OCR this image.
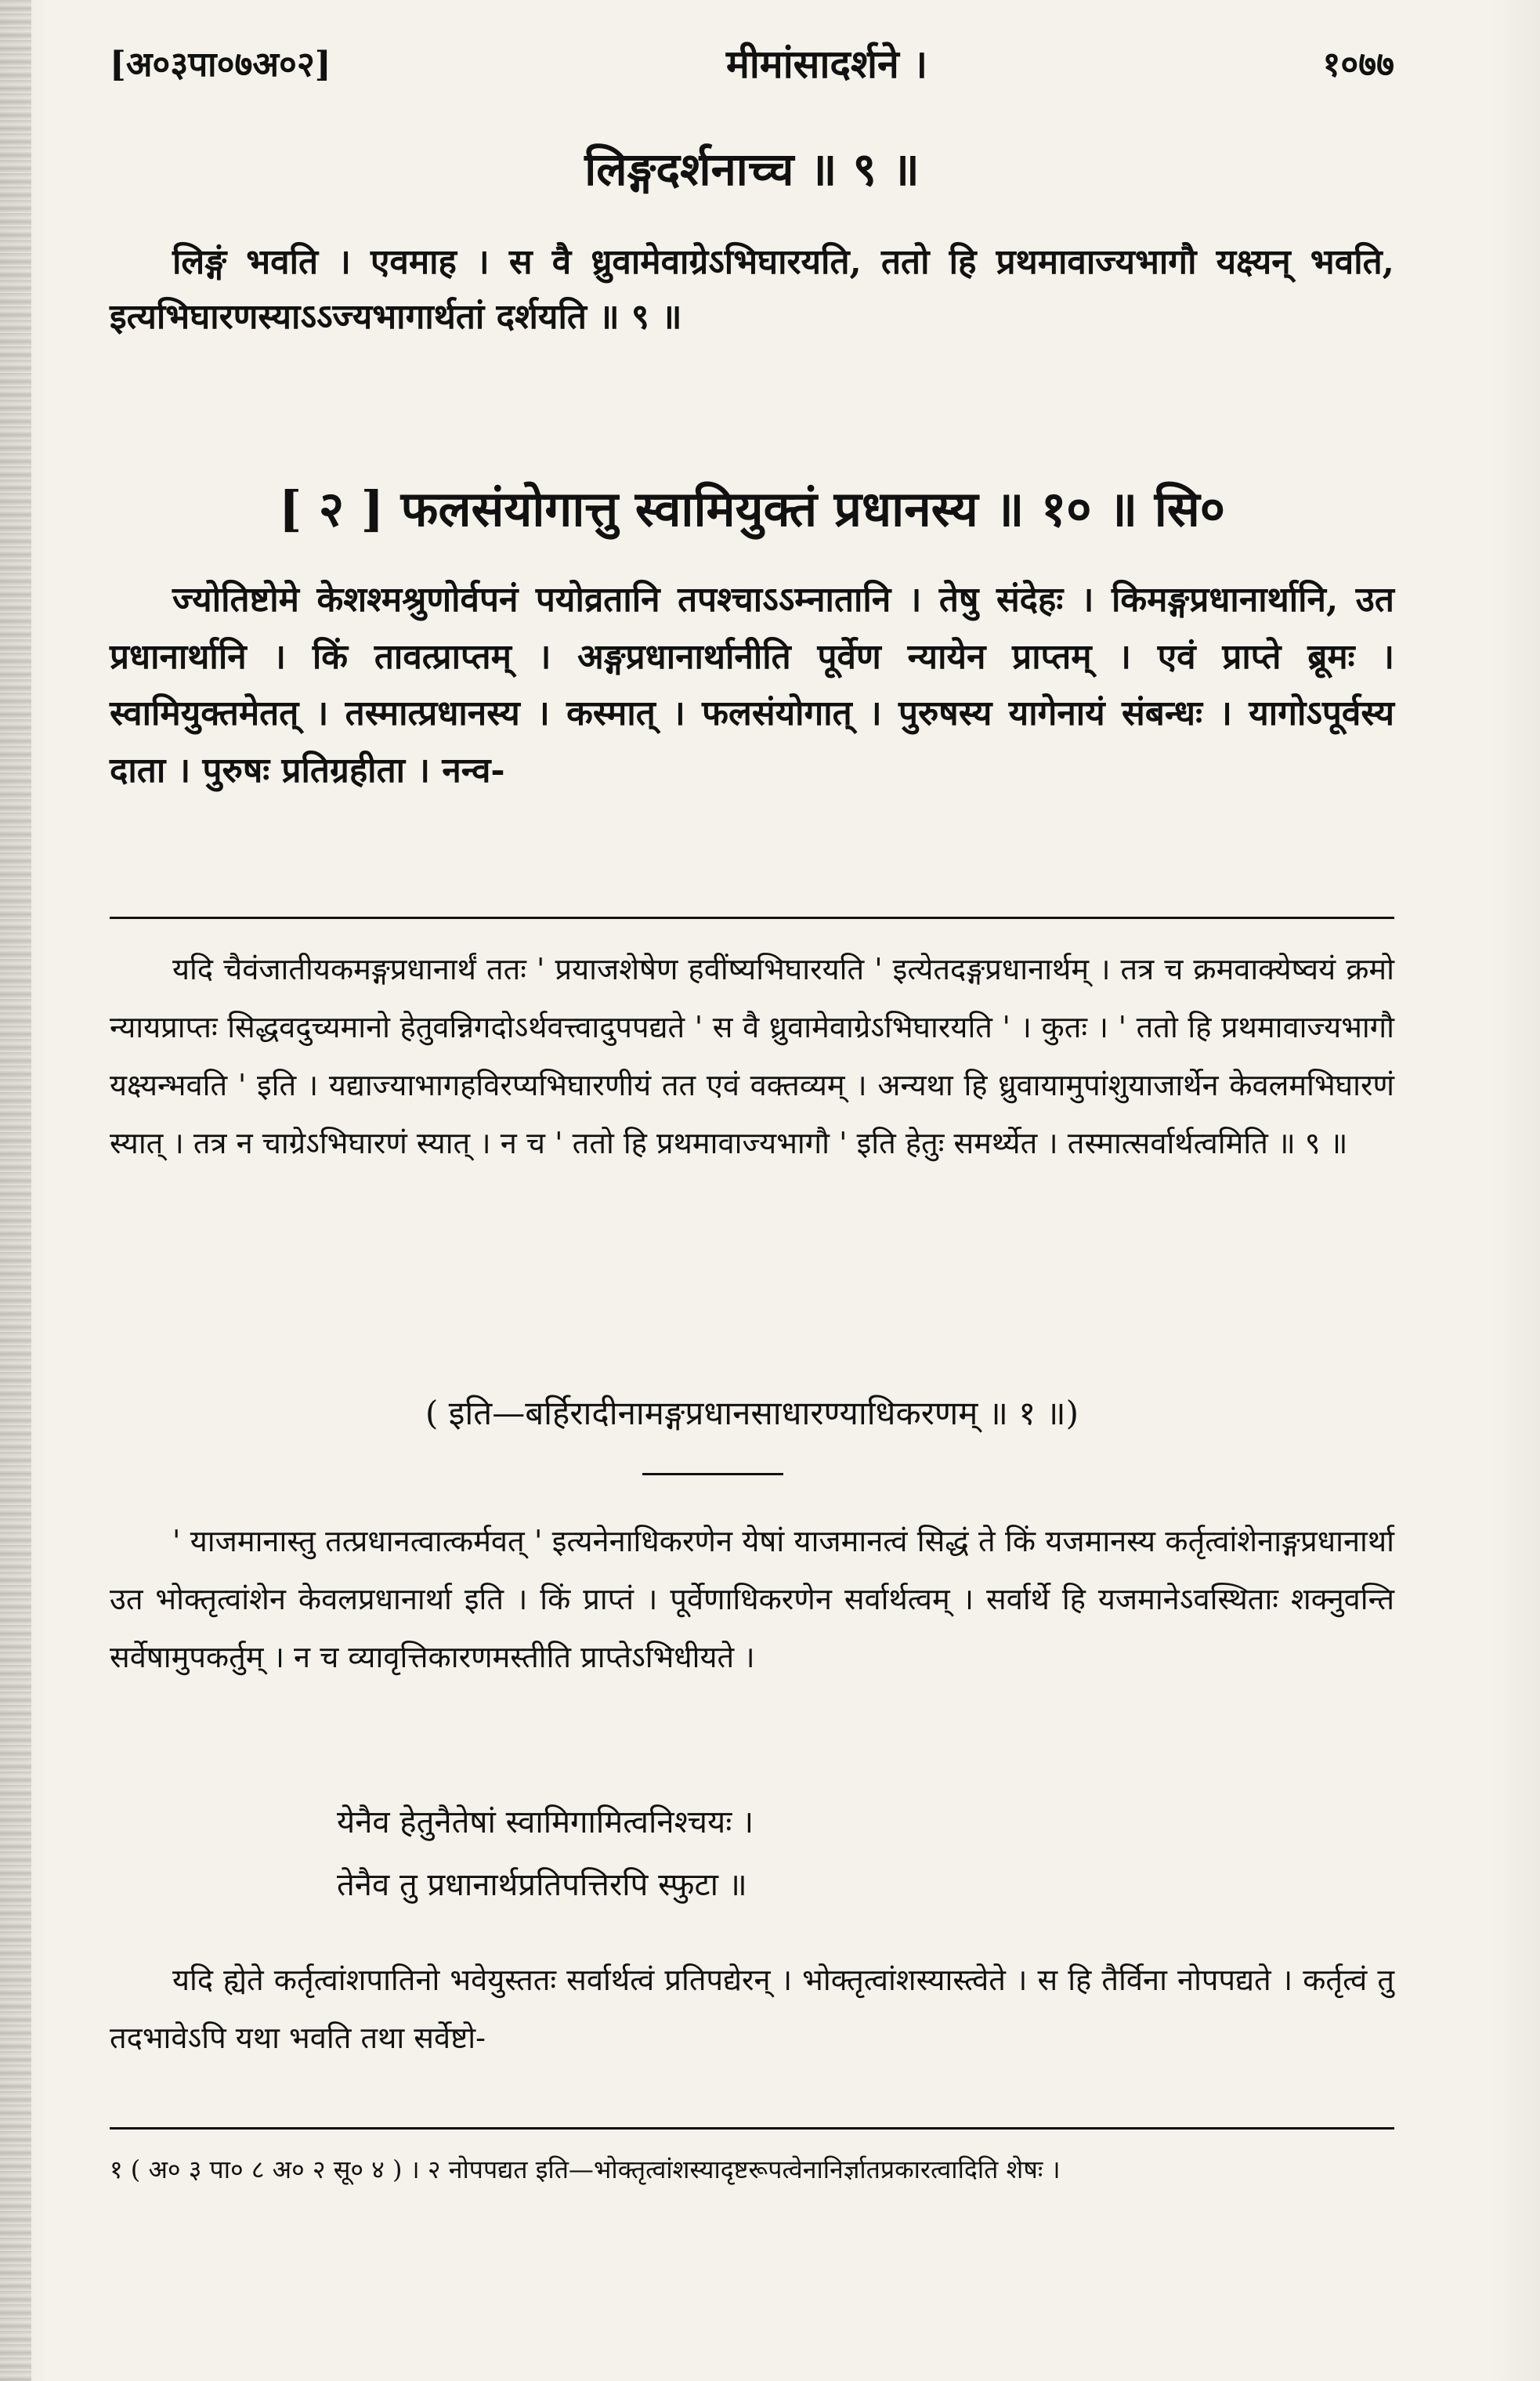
[अ०३पा०७अ०२]	मीमांसादर्शने ।	१०७७
लिङ्गदर्शनाच्च ॥ ९ ॥
लिङ्गं भवति । एवमाह । स वै ध्रुवामेवाग्रेऽभिघारयति, ततो हि प्रथमावाज्यभागौ यक्ष्यन् भवति, इत्यभिघारणस्याऽऽज्यभागार्थतां दर्शयति ॥ ९ ॥
[ २ ] फलसंयोगात्तु स्वामियुक्तं प्रधानस्य ॥ १० ॥ सि०
ज्योतिष्टोमे केशश्मश्रुणोर्वपनं पयोव्रतानि तपश्चाऽऽम्नातानि । तेषु संदेहः । किमङ्गप्रधानार्थानि, उत प्रधानार्थानि । किं तावत्प्राप्तम् । अङ्गप्रधानार्थानीति पूर्वेण न्यायेन प्राप्तम् । एवं प्राप्ते ब्रूमः । स्वामियुक्तमेतत् । तस्मात्प्रधानस्य । कस्मात् । फलसंयोगात् । पुरुषस्य यागेनायं संबन्धः । यागोऽपूर्वस्य दाता । पुरुषः प्रतिग्रहीता । नन्व-
यदि चैवंजातीयकमङ्गप्रधानार्थं ततः ' प्रयाजशेषेण हवींष्यभिघारयति ' इत्येतदङ्गप्रधानार्थम् । तत्र च क्रमवाक्येष्वयं क्रमो न्यायप्राप्तः सिद्धवदुच्यमानो हेतुवन्निगदोऽर्थवत्त्वादुपपद्यते ' स वै ध्रुवामेवाग्रेऽभिघारयति ' । कुतः । ' ततो हि प्रथमावाज्यभागौ यक्ष्यन्भवति ' इति । यद्याज्याभागहविरप्यभिघारणीयं तत एवं वक्तव्यम् । अन्यथा हि ध्रुवायामुपांशुयाजार्थेन केवलमभिघारणं स्यात् । तत्र न चाग्रेऽभिघारणं स्यात् । न च ' ततो हि प्रथमावाज्यभागौ ' इति हेतुः समर्थ्येत । तस्मात्सर्वार्थत्वमिति ॥ ९ ॥
( इति—बर्हिरादीनामङ्गप्रधानसाधारण्याधिकरणम् ॥ १ ॥)
' याजमानास्तु तत्प्रधानत्वात्कर्मवत् ' इत्यनेनाधिकरणेन येषां याजमानत्वं सिद्धं ते किं यजमानस्य कर्तृत्वांशेनाङ्गप्रधानार्था उत भोक्तृत्वांशेन केवलप्रधानार्था इति । किं प्राप्तं । पूर्वेणाधिकरणेन सर्वार्थत्वम् । सर्वार्थे हि यजमानेऽवस्थिताः शक्नुवन्ति सर्वेषामुपकर्तुम् । न च व्यावृत्तिकारणमस्तीति प्राप्तेऽभिधीयते ।
येनैव हेतुनैतेषां स्वामिगामित्वनिश्चयः ।
तेनैव तु प्रधानार्थप्रतिपत्तिरपि स्फुटा ॥
यदि ह्येते कर्तृत्वांशपातिनो भवेयुस्ततः सर्वार्थत्वं प्रतिपद्येरन् । भोक्तृत्वांशस्यास्त्वेते । स हि तैर्विना नोपपद्यते । कर्तृत्वं तु तदभावेऽपि यथा भवति तथा सर्वेष्टो-
१ ( अ० ३ पा० ८ अ० २ सू० ४ ) । २ नोपपद्यत इति—भोक्तृत्वांशस्यादृष्टरूपत्वेनानिर्ज्ञातप्रकारत्वादिति शेषः ।
